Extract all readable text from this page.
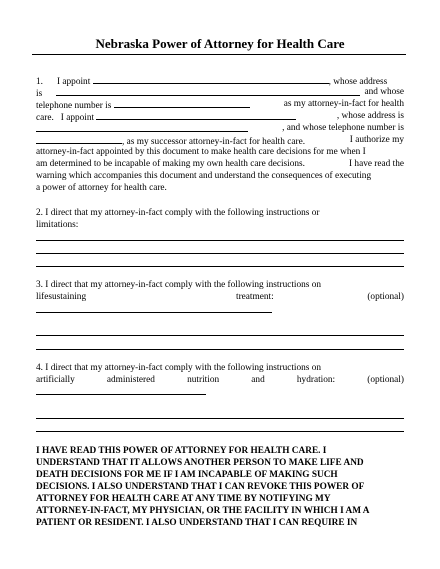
Nebraska Power of Attorney for Health Care
1. I appoint	, whose address
is	and whose
telephone number is	as my attorney-in-fact for health
care. I appoint	, whose address is
, and whose telephone number is
, as my successor attorney-in-fact for health care.	I authorize my
attorney-in-fact appointed by this document to make health care decisions for me when I
am determined to be incapable of making my own health care decisions.	I have read the
warning which accompanies this document and understand the consequences of executing
a power of attorney for health care.
2. I direct that my attorney-in-fact comply with the following instructions or
limitations:
3. I direct that my attorney-in-fact comply with the following instructions on
lifesustaining	treatment:	(optional)
4. I direct that my attorney-in-fact comply with the following instructions on
artificially	administered	nutrition	and	hydration:	(optional)
I HAVE READ THIS POWER OF ATTORNEY FOR HEALTH CARE. I
UNDERSTAND THAT IT ALLOWS ANOTHER PERSON TO MAKE LIFE AND
DEATH DECISIONS FOR ME IF I AM INCAPABLE OF MAKING SUCH
DECISIONS. I ALSO UNDERSTAND THAT I CAN REVOKE THIS POWER OF
ATTORNEY FOR HEALTH CARE AT ANY TIME BY NOTIFYING MY
ATTORNEY-IN-FACT, MY PHYSICIAN, OR THE FACILITY IN WHICH I AM A
PATIENT OR RESIDENT. I ALSO UNDERSTAND THAT I CAN REQUIRE IN
